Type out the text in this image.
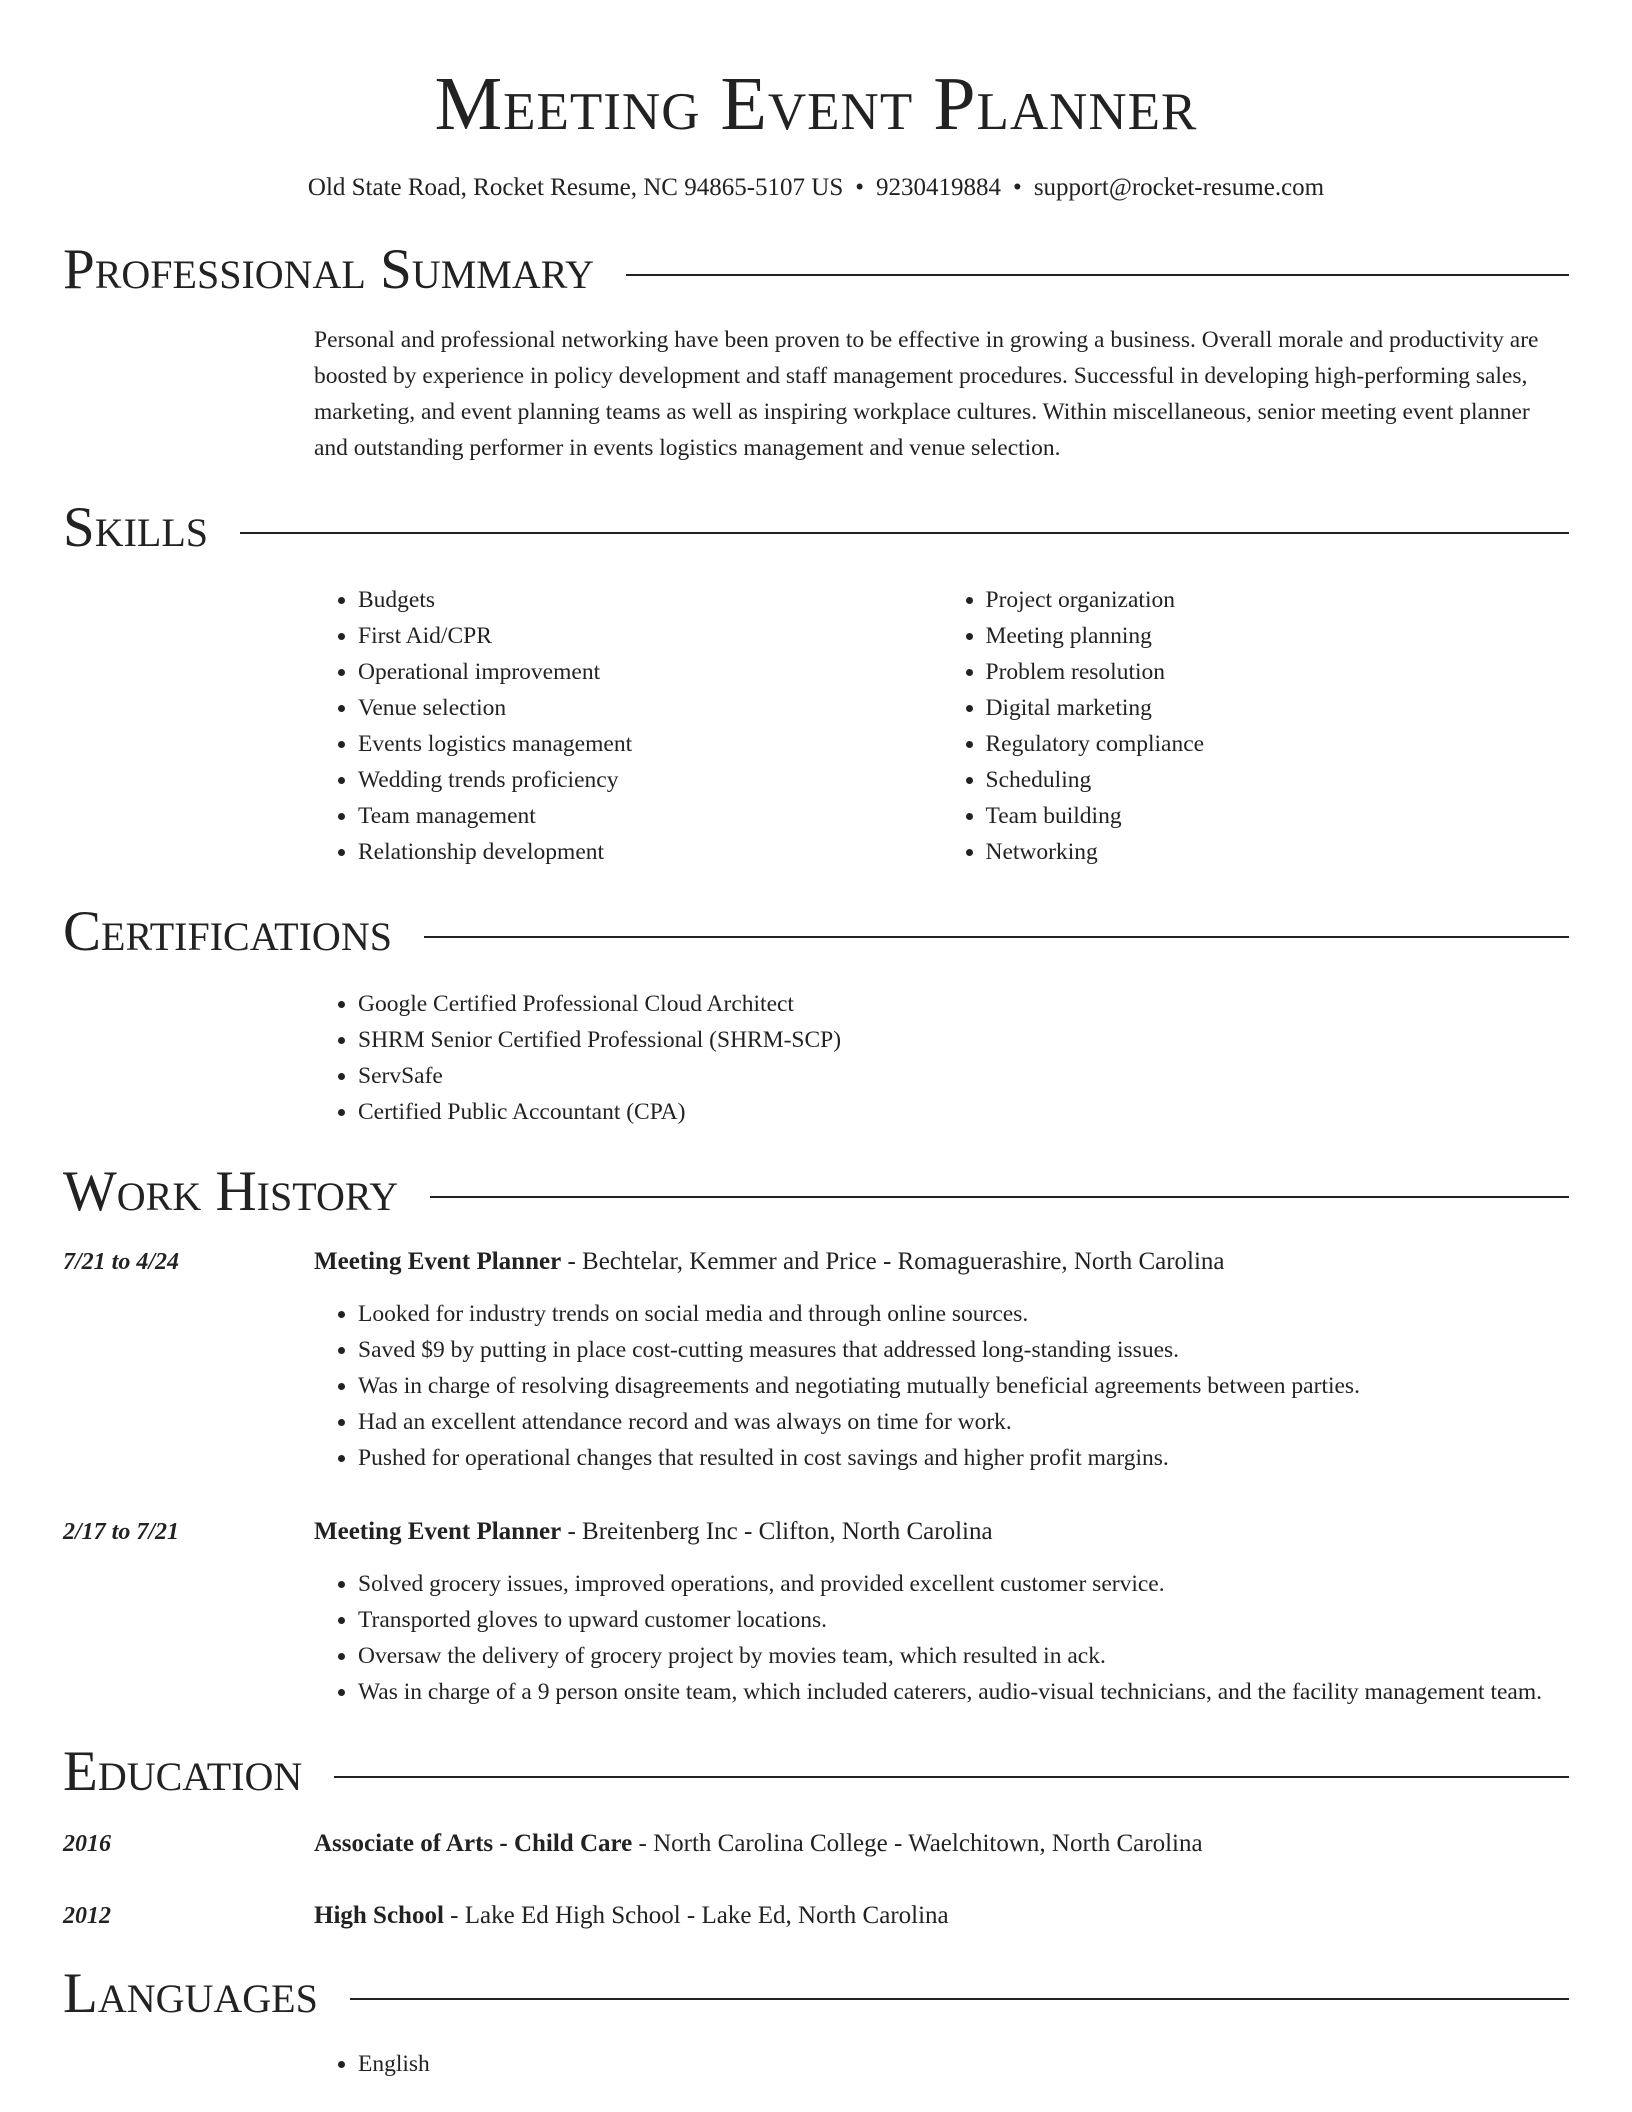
Meeting Event Planner
Old State Road, Rocket Resume, NC 94865-5107 US • 9230419884 • support@rocket-resume.com
Professional Summary
Personal and professional networking have been proven to be effective in growing a business. Overall morale and productivity are boosted by experience in policy development and staff management procedures. Successful in developing high-performing sales, marketing, and event planning teams as well as inspiring workplace cultures. Within miscellaneous, senior meeting event planner and outstanding performer in events logistics management and venue selection.
Skills
• Budgets
• First Aid/CPR
• Operational improvement
• Venue selection
• Events logistics management
• Wedding trends proficiency
• Team management
• Relationship development
• Project organization
• Meeting planning
• Problem resolution
• Digital marketing
• Regulatory compliance
• Scheduling
• Team building
• Networking
Certifications
• Google Certified Professional Cloud Architect
• SHRM Senior Certified Professional (SHRM-SCP)
• ServSafe
• Certified Public Accountant (CPA)
Work History
7/21 to 4/24	Meeting Event Planner - Bechtelar, Kemmer and Price - Romaguerashire, North Carolina
• Looked for industry trends on social media and through online sources.
• Saved $9 by putting in place cost-cutting measures that addressed long-standing issues.
• Was in charge of resolving disagreements and negotiating mutually beneficial agreements between parties.
• Had an excellent attendance record and was always on time for work.
• Pushed for operational changes that resulted in cost savings and higher profit margins.
2/17 to 7/21	Meeting Event Planner - Breitenberg Inc - Clifton, North Carolina
• Solved grocery issues, improved operations, and provided excellent customer service.
• Transported gloves to upward customer locations.
• Oversaw the delivery of grocery project by movies team, which resulted in ack.
• Was in charge of a 9 person onsite team, which included caterers, audio-visual technicians, and the facility management team.
Education
2016	Associate of Arts - Child Care - North Carolina College - Waelchitown, North Carolina
2012	High School - Lake Ed High School - Lake Ed, North Carolina
Languages
• English
